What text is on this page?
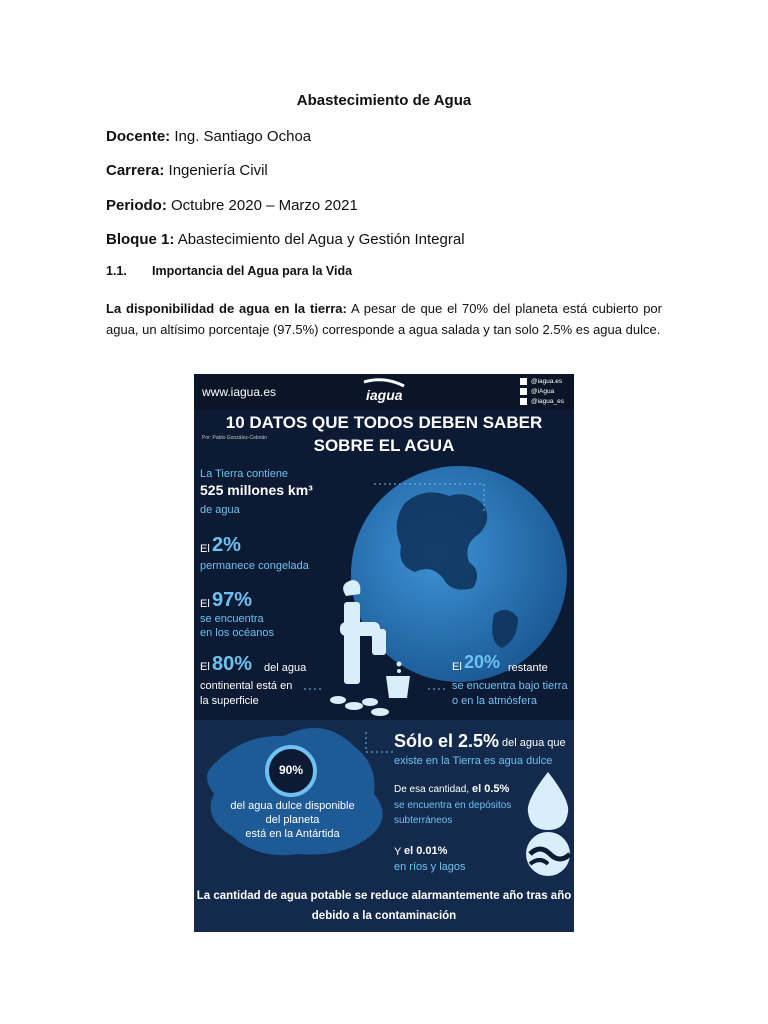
Abastecimiento de Agua
Docente: Ing. Santiago Ochoa
Carrera: Ingeniería Civil
Periodo: Octubre 2020 – Marzo 2021
Bloque 1: Abastecimiento del Agua y Gestión Integral
1.1. Importancia del Agua para la Vida
La disponibilidad de agua en la tierra: A pesar de que el 70% del planeta está cubierto por agua, un altísimo porcentaje (97.5%) corresponde a agua salada y tan solo 2.5% es agua dulce.
www.iagua.es	iagua
@iagua.es
@iAgua
@iagua_es
10 DATOS QUE TODOS DEBEN SABER
SOBRE EL AGUA
Por: Pablo González-Cebrián
La Tierra contiene
525 millones km³
de agua
El 2%
permanece congelada
El 97%
se encuentra
en los océanos
El 80% del agua
continental está en
la superficie
El 20% restante
se encuentra bajo tierra
o en la atmósfera
Sólo el 2.5% del agua que
existe en la Tierra es agua dulce
90%
del agua dulce disponible
del planeta
está en la Antártida
De esa cantidad, el 0.5%
se encuentra en depósitos
subterráneos
Y el 0.01%
en ríos y lagos
La cantidad de agua potable se reduce alarmantemente año tras año
debido a la contaminación
